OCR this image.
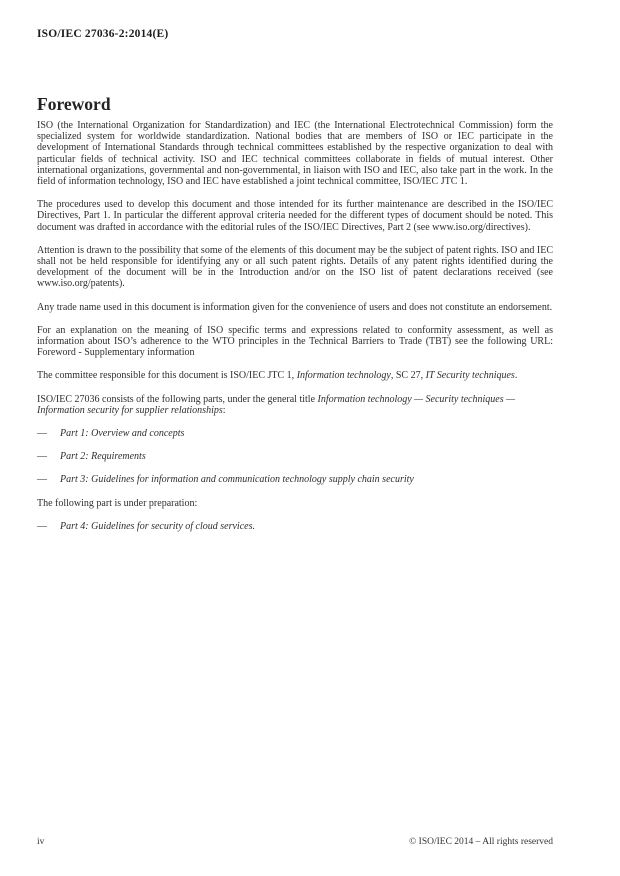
ISO/IEC 27036-2:2014(E)
Foreword

ISO (the International Organization for Standardization) and IEC (the International Electrotechnical Commission) form the specialized system for worldwide standardization. National bodies that are members of ISO or IEC participate in the development of International Standards through technical committees established by the respective organization to deal with particular fields of technical activity. ISO and IEC technical committees collaborate in fields of mutual interest. Other international organizations, governmental and non-governmental, in liaison with ISO and IEC, also take part in the work. In the field of information technology, ISO and IEC have established a joint technical committee, ISO/IEC JTC 1.

The procedures used to develop this document and those intended for its further maintenance are described in the ISO/IEC Directives, Part 1. In particular the different approval criteria needed for the different types of document should be noted. This document was drafted in accordance with the editorial rules of the ISO/IEC Directives, Part 2 (see www.iso.org/directives).

Attention is drawn to the possibility that some of the elements of this document may be the subject of patent rights. ISO and IEC shall not be held responsible for identifying any or all such patent rights. Details of any patent rights identified during the development of the document will be in the Introduction and/or on the ISO list of patent declarations received (see www.iso.org/patents).

Any trade name used in this document is information given for the convenience of users and does not constitute an endorsement.

For an explanation on the meaning of ISO specific terms and expressions related to conformity assessment, as well as information about ISO’s adherence to the WTO principles in the Technical Barriers to Trade (TBT) see the following URL: Foreword - Supplementary information

The committee responsible for this document is ISO/IEC JTC 1, Information technology, SC 27, IT Security techniques.

ISO/IEC 27036 consists of the following parts, under the general title Information technology — Security techniques — Information security for supplier relationships:

—	Part 1: Overview and concepts
—	Part 2: Requirements
—	Part 3: Guidelines for information and communication technology supply chain security

The following part is under preparation:

—	Part 4: Guidelines for security of cloud services.
iv	© ISO/IEC 2014 – All rights reserved
